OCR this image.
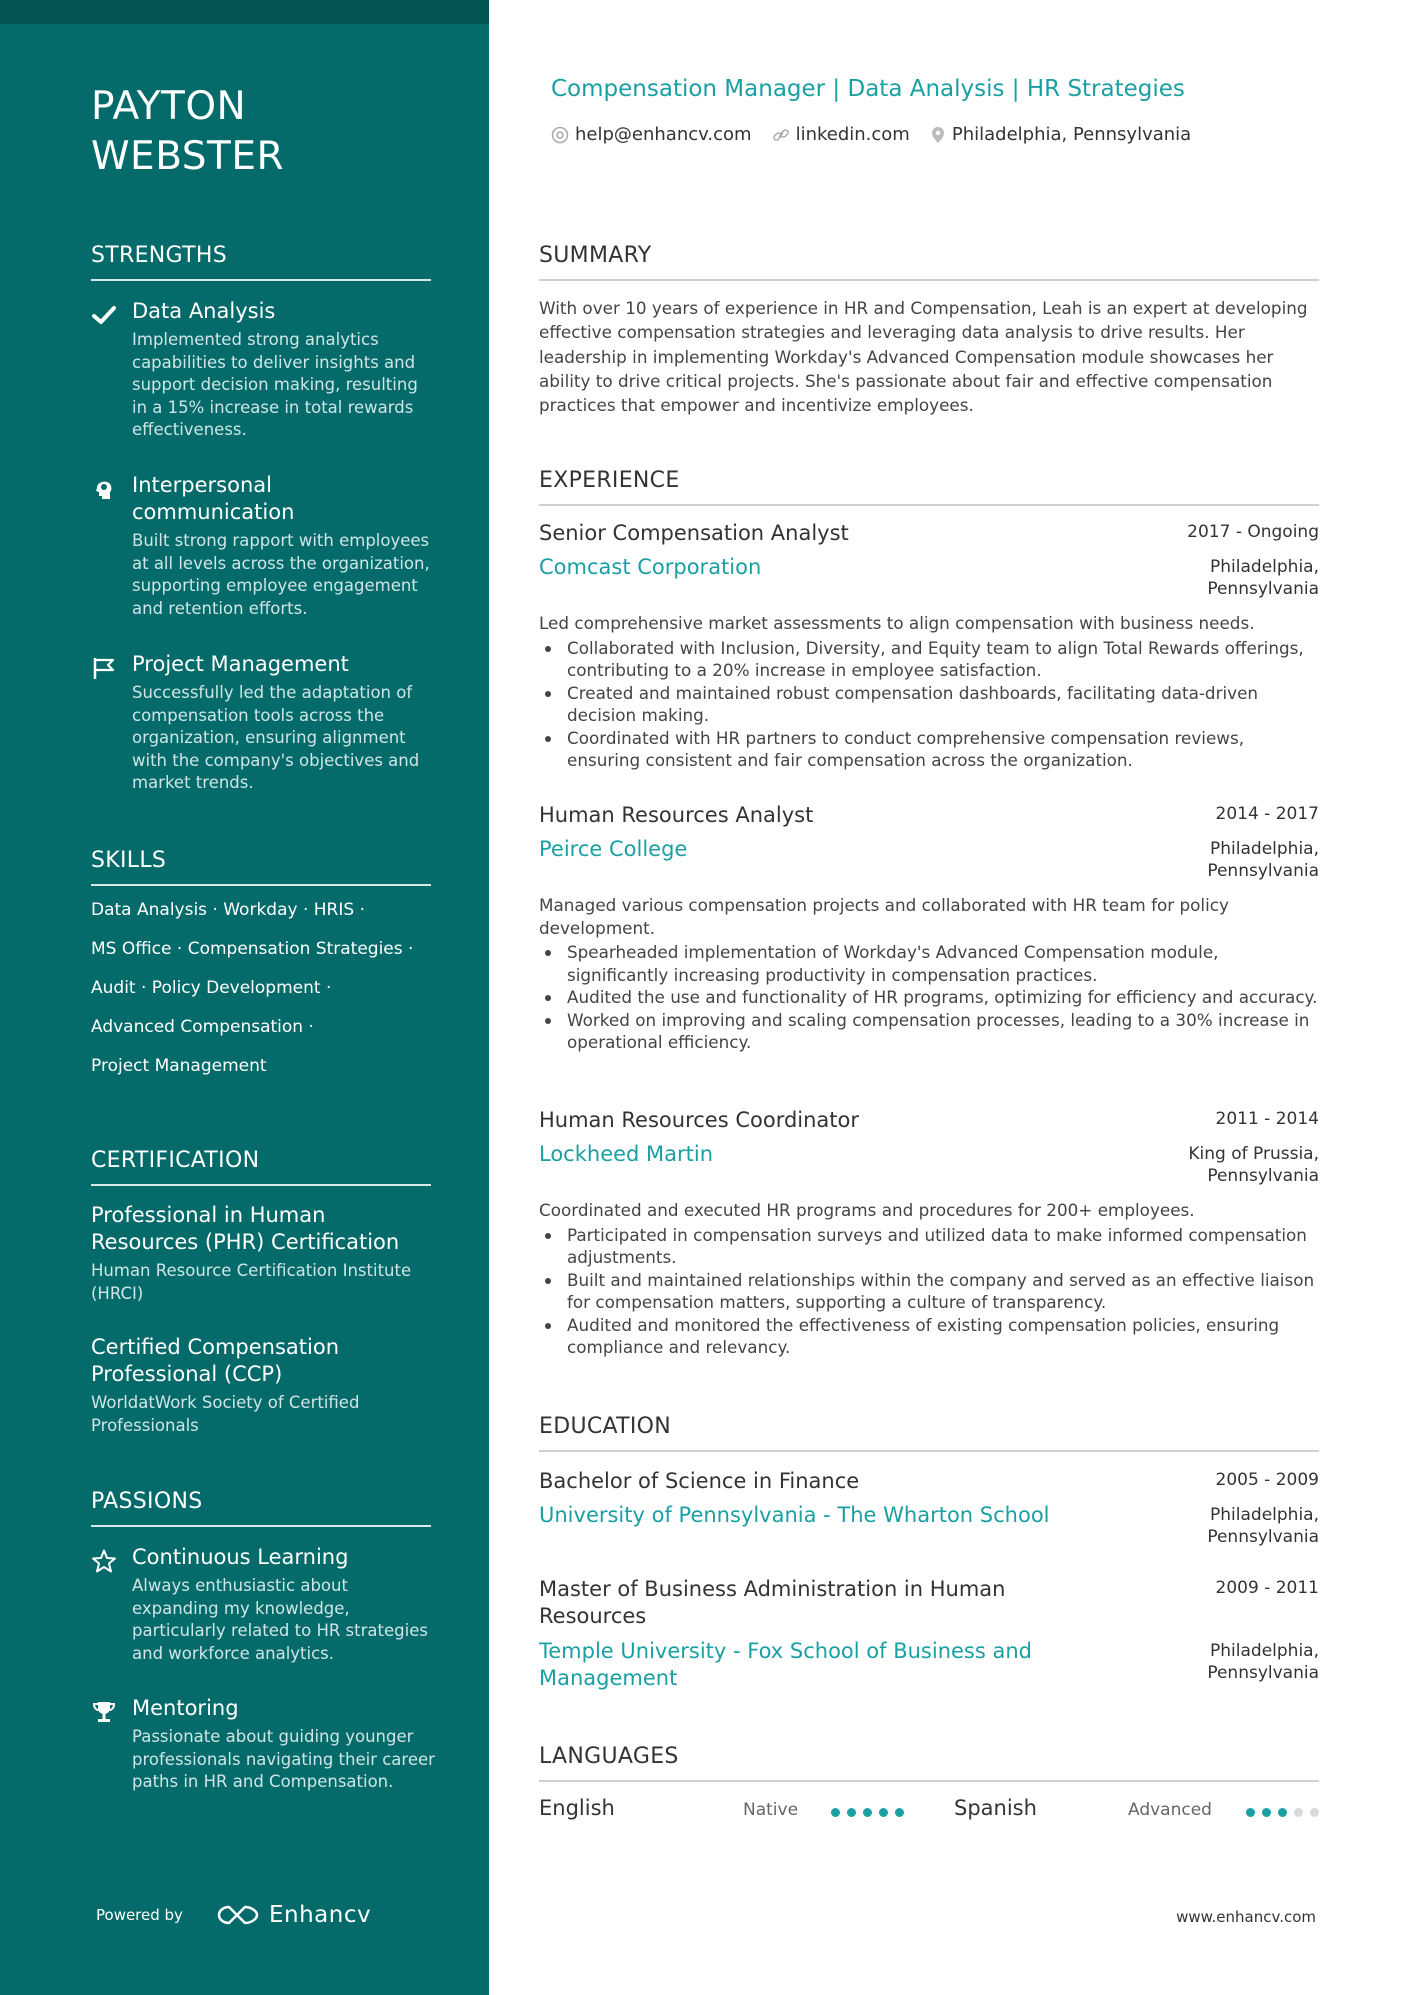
PAYTON
WEBSTER
STRENGTHS
Data Analysis
Implemented strong analytics capabilities to deliver insights and support decision making, resulting in a 15% increase in total rewards effectiveness.
Interpersonal communication
Built strong rapport with employees at all levels across the organization, supporting employee engagement and retention efforts.
Project Management
Successfully led the adaptation of compensation tools across the organization, ensuring alignment with the company's objectives and market trends.
SKILLS
Data Analysis · Workday · HRIS ·
MS Office · Compensation Strategies ·
Audit · Policy Development ·
Advanced Compensation ·
Project Management
CERTIFICATION
Professional in Human Resources (PHR) Certification
Human Resource Certification Institute (HRCI)
Certified Compensation Professional (CCP)
WorldatWork Society of Certified Professionals
PASSIONS
Continuous Learning
Always enthusiastic about expanding my knowledge, particularly related to HR strategies and workforce analytics.
Mentoring
Passionate about guiding younger professionals navigating their career paths in HR and Compensation.
Powered by	Enhancv
Compensation Manager | Data Analysis | HR Strategies
help@enhancv.com linkedin.com Philadelphia, Pennsylvania
SUMMARY
With over 10 years of experience in HR and Compensation, Leah is an expert at developing effective compensation strategies and leveraging data analysis to drive results. Her leadership in implementing Workday's Advanced Compensation module showcases her ability to drive critical projects. She's passionate about fair and effective compensation practices that empower and incentivize employees.
EXPERIENCE
Senior Compensation Analyst	2017 - Ongoing
Comcast Corporation	Philadelphia,
Pennsylvania
Led comprehensive market assessments to align compensation with business needs.
Collaborated with Inclusion, Diversity, and Equity team to align Total Rewards offerings, contributing to a 20% increase in employee satisfaction.
Created and maintained robust compensation dashboards, facilitating data-driven decision making.
Coordinated with HR partners to conduct comprehensive compensation reviews, ensuring consistent and fair compensation across the organization.
Human Resources Analyst	2014 - 2017
Peirce College	Philadelphia,
Pennsylvania
Managed various compensation projects and collaborated with HR team for policy development.
Spearheaded implementation of Workday's Advanced Compensation module, significantly increasing productivity in compensation practices.
Audited the use and functionality of HR programs, optimizing for efficiency and accuracy.
Worked on improving and scaling compensation processes, leading to a 30% increase in operational efficiency.
Human Resources Coordinator	2011 - 2014
Lockheed Martin	King of Prussia,
Pennsylvania
Coordinated and executed HR programs and procedures for 200+ employees.
Participated in compensation surveys and utilized data to make informed compensation adjustments.
Built and maintained relationships within the company and served as an effective liaison for compensation matters, supporting a culture of transparency.
Audited and monitored the effectiveness of existing compensation policies, ensuring compliance and relevancy.
EDUCATION
Bachelor of Science in Finance	2005 - 2009
University of Pennsylvania - The Wharton School	Philadelphia,
Pennsylvania
Master of Business Administration in Human Resources
2009 - 2011
Temple University - Fox School of Business and Management
Philadelphia,
Pennsylvania
LANGUAGES
English	Native	Spanish	Advanced
www.enhancv.com
